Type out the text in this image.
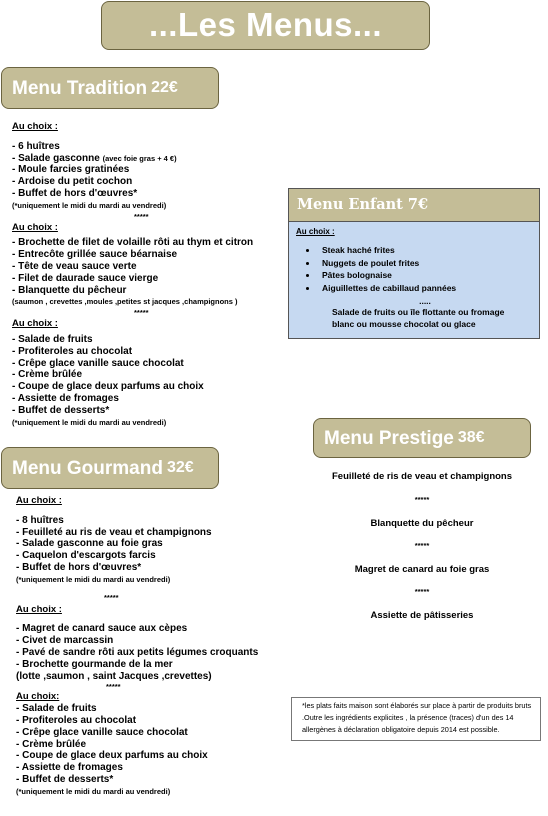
...Les Menus...
Menu Tradition 22€
Au choix :
- 6 huîtres
- Salade gasconne (avec foie gras + 4 €)
- Moule farcies gratinées
- Ardoise du petit cochon
- Buffet de hors d'œuvres*
(*uniquement le midi du mardi au vendredi)
*****
Au choix :
- Brochette de filet de volaille rôti au thym et citron
- Entrecôte grillée sauce béarnaise
- Tête de veau sauce verte
- Filet de daurade sauce vierge
- Blanquette du pêcheur
(saumon , crevettes ,moules ,petites st jacques ,champignons )
*****
Au choix :
- Salade de fruits
- Profiteroles au chocolat
- Crêpe glace vanille sauce chocolat
- Crème brûlée
- Coupe de glace deux parfums au choix
- Assiette de fromages
- Buffet de desserts*
(*uniquement le midi du mardi au vendredi)
Menu Gourmand 32€
Au choix :
- 8 huîtres
- Feuilleté au ris de veau et champignons
- Salade gasconne au foie gras
- Caquelon d'escargots farcis
- Buffet de hors d'œuvres*
(*uniquement le midi du mardi au vendredi)
*****
Au choix :
- Magret de canard sauce aux cèpes
- Civet de marcassin
- Pavé de sandre rôti aux petits légumes croquants
- Brochette gourmande de la mer
(lotte ,saumon , saint Jacques ,crevettes)
*****
Au choix:
- Salade de fruits
- Profiteroles au chocolat
- Crêpe glace vanille sauce chocolat
- Crème brûlée
- Coupe de glace deux parfums au choix
- Assiette de fromages
- Buffet de desserts*
(*uniquement le midi du mardi au vendredi)
Menu Enfant 7€
Au choix :
• Steak haché frites
• Nuggets de poulet frites
• Pâtes bolognaise
• Aiguillettes de cabillaud pannées
.....
Salade de fruits ou île flottante ou fromage
blanc ou mousse chocolat ou glace
Menu Prestige 38€
Feuilleté de ris de veau et champignons
*****
Blanquette du pêcheur
*****
Magret de canard au foie gras
*****
Assiette de pâtisseries
*les plats faits maison sont élaborés sur place à partir de produits bruts
.Outre les ingrédients explicites , la présence (traces) d'un des 14
allergènes à déclaration obligatoire depuis 2014 est possible.
